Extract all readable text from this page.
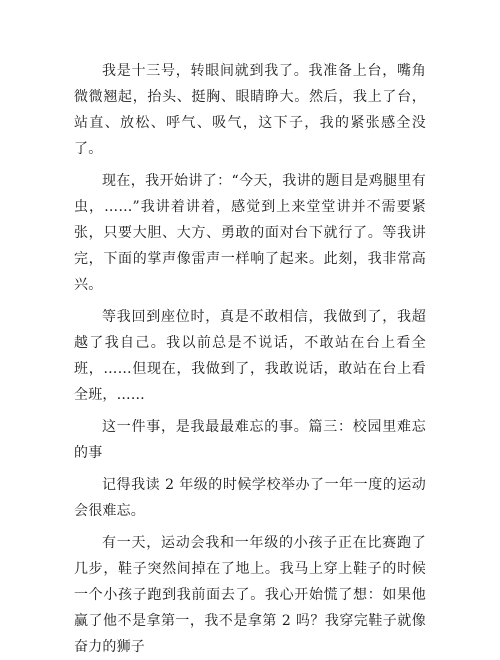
我是十三号，转眼间就到我了。我准备上台，嘴角微微翘起，抬头、挺胸、眼睛睁大。然后，我上了台，站直、放松、呼气、吸气，这下子，我的紧张感全没了。

现在，我开始讲了：“今天，我讲的题目是鸡腿里有虫，……”我讲着讲着，感觉到上来堂堂讲并不需要紧张，只要大胆、大方、勇敢的面对台下就行了。等我讲完，下面的掌声像雷声一样响了起来。此刻，我非常高兴。

等我回到座位时，真是不敢相信，我做到了，我超越了我自己。我以前总是不说话，不敢站在台上看全班，……但现在，我做到了，我敢说话，敢站在台上看全班，……

这一件事，是我最最难忘的事。篇三：校园里难忘的事

记得我读 2 年级的时候学校举办了一年一度的运动会很难忘。

有一天，运动会我和一年级的小孩子正在比赛跑了几步，鞋子突然间掉在了地上。我马上穿上鞋子的时候一个小孩子跑到我前面去了。我心开始慌了想：如果他赢了他不是拿第一，我不是拿第 2 吗？我穿完鞋子就像奋力的狮子
